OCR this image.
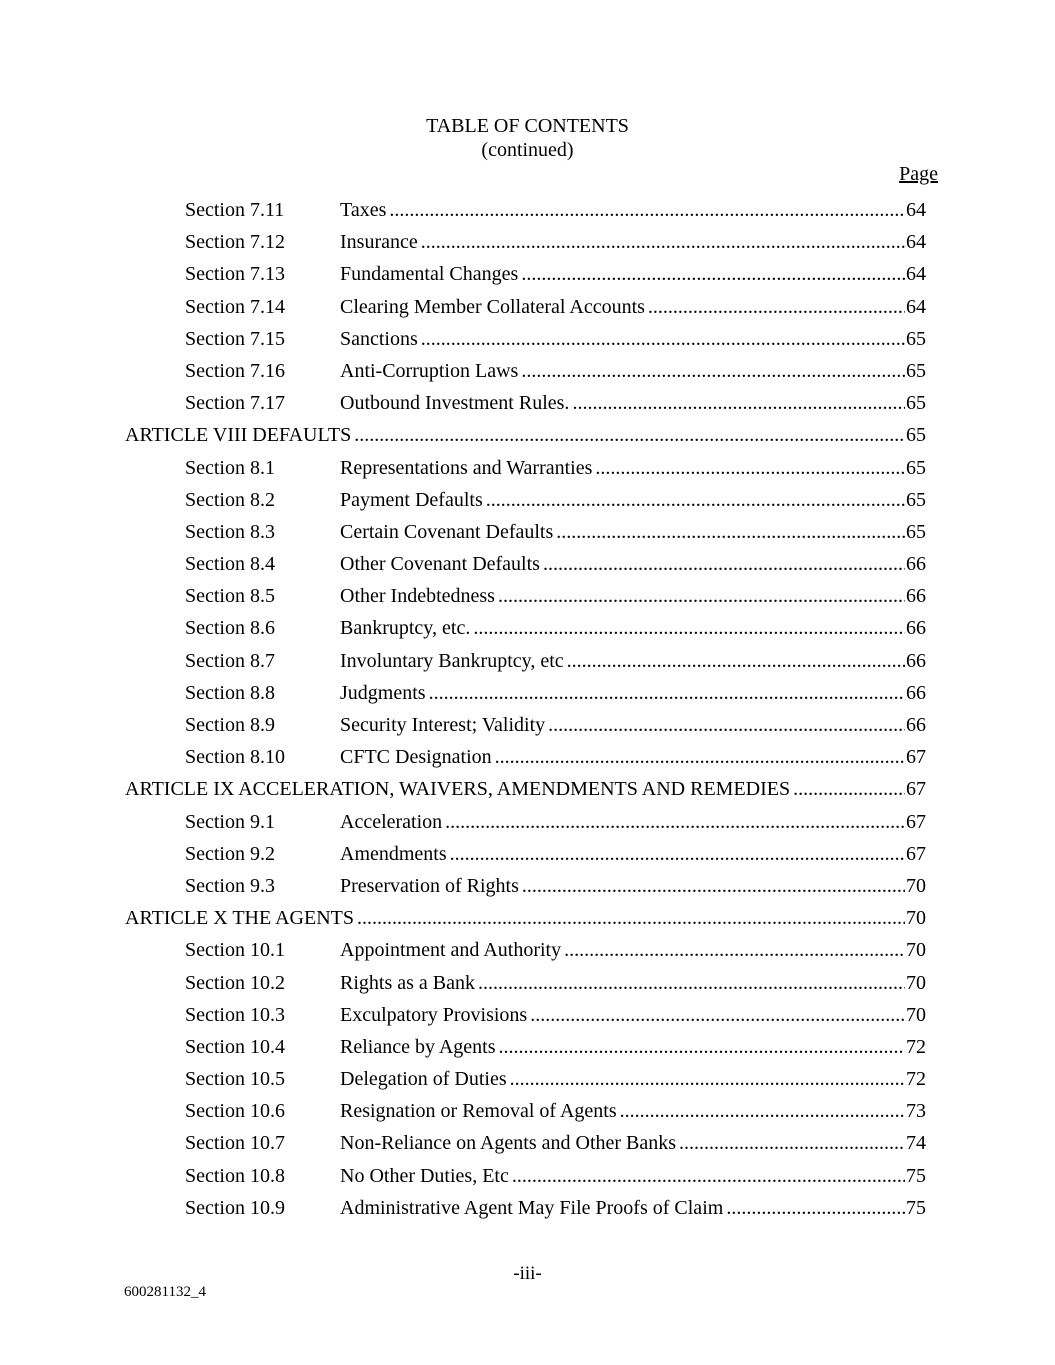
TABLE OF CONTENTS
(continued)
Page
Section 7.11	Taxes .....	64
Section 7.12	Insurance .....	64
Section 7.13	Fundamental Changes .....	64
Section 7.14	Clearing Member Collateral Accounts .....	64
Section 7.15	Sanctions .....	65
Section 7.16	Anti-Corruption Laws .....	65
Section 7.17	Outbound Investment Rules. .....	65
ARTICLE VIII DEFAULTS .....	65
Section 8.1	Representations and Warranties .....	65
Section 8.2	Payment Defaults .....	65
Section 8.3	Certain Covenant Defaults .....	65
Section 8.4	Other Covenant Defaults .....	66
Section 8.5	Other Indebtedness .....	66
Section 8.6	Bankruptcy, etc. .....	66
Section 8.7	Involuntary Bankruptcy, etc .....	66
Section 8.8	Judgments .....	66
Section 8.9	Security Interest; Validity .....	66
Section 8.10	CFTC Designation .....	67
ARTICLE IX ACCELERATION, WAIVERS, AMENDMENTS AND REMEDIES .....	67
Section 9.1	Acceleration .....	67
Section 9.2	Amendments .....	67
Section 9.3	Preservation of Rights .....	70
ARTICLE X THE AGENTS .....	70
Section 10.1	Appointment and Authority .....	70
Section 10.2	Rights as a Bank .....	70
Section 10.3	Exculpatory Provisions .....	70
Section 10.4	Reliance by Agents .....	72
Section 10.5	Delegation of Duties .....	72
Section 10.6	Resignation or Removal of Agents .....	73
Section 10.7	Non-Reliance on Agents and Other Banks .....	74
Section 10.8	No Other Duties, Etc .....	75
Section 10.9	Administrative Agent May File Proofs of Claim .....	75
-iii-
600281132_4
